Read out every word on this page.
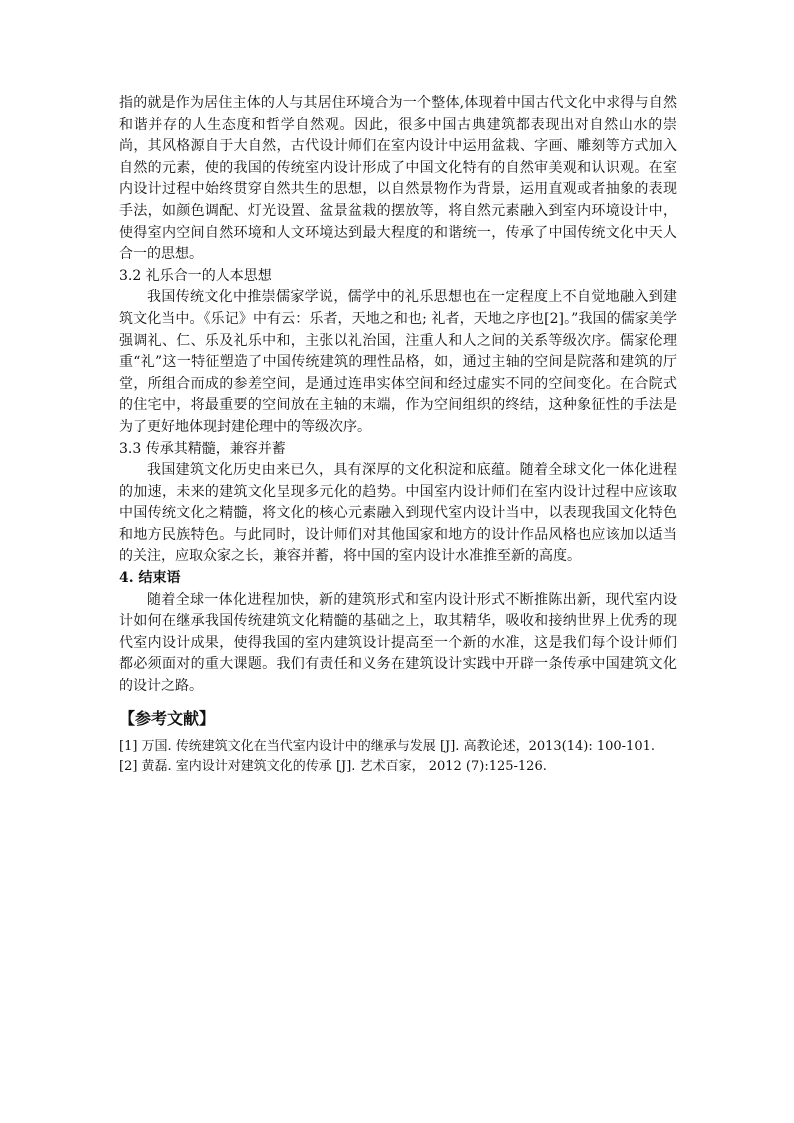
指的就是作为居住主体的人与其居住环境合为一个整体,体现着中国古代文化中求得与自然和谐并存的人生态度和哲学自然观。因此，很多中国古典建筑都表现出对自然山水的崇尚，其风格源自于大自然，古代设计师们在室内设计中运用盆栽、字画、雕刻等方式加入自然的元素，使的我国的传统室内设计形成了中国文化特有的自然审美观和认识观。在室内设计过程中始终贯穿自然共生的思想，以自然景物作为背景，运用直观或者抽象的表现手法，如颜色调配、灯光设置、盆景盆栽的摆放等，将自然元素融入到室内环境设计中，使得室内空间自然环境和人文环境达到最大程度的和谐统一，传承了中国传统文化中天人合一的思想。

3.2 礼乐合一的人本思想

我国传统文化中推崇儒家学说，儒学中的礼乐思想也在一定程度上不自觉地融入到建筑文化当中。《乐记》中有云：乐者，天地之和也; 礼者，天地之序也[2]。”我国的儒家美学强调礼、仁、乐及礼乐中和，主张以礼治国，注重人和人之间的关系等级次序。儒家伦理重“礼”这一特征塑造了中国传统建筑的理性品格，如，通过主轴的空间是院落和建筑的厅堂，所组合而成的参差空间，是通过连串实体空间和经过虚实不同的空间变化。在合院式的住宅中，将最重要的空间放在主轴的末端，作为空间组织的终结，这种象征性的手法是为了更好地体现封建伦理中的等级次序。

3.3 传承其精髓，兼容并蓄

我国建筑文化历史由来已久，具有深厚的文化积淀和底蕴。随着全球文化一体化进程的加速，未来的建筑文化呈现多元化的趋势。中国室内设计师们在室内设计过程中应该取中国传统文化之精髓，将文化的核心元素融入到现代室内设计当中，以表现我国文化特色和地方民族特色。与此同时，设计师们对其他国家和地方的设计作品风格也应该加以适当的关注，应取众家之长，兼容并蓄，将中国的室内设计水准推至新的高度。

4. 结束语

随着全球一体化进程加快，新的建筑形式和室内设计形式不断推陈出新，现代室内设计如何在继承我国传统建筑文化精髓的基础之上，取其精华，吸收和接纳世界上优秀的现代室内设计成果，使得我国的室内建筑设计提高至一个新的水准，这是我们每个设计师们都必须面对的重大课题。我们有责任和义务在建筑设计实践中开辟一条传承中国建筑文化的设计之路。

【参考文献】

[1] 万国. 传统建筑文化在当代室内设计中的继承与发展 [J]. 高教论述，2013(14): 100-101.

[2] 黄磊. 室内设计对建筑文化的传承 [J]. 艺术百家， 2012 (7):125-126.
